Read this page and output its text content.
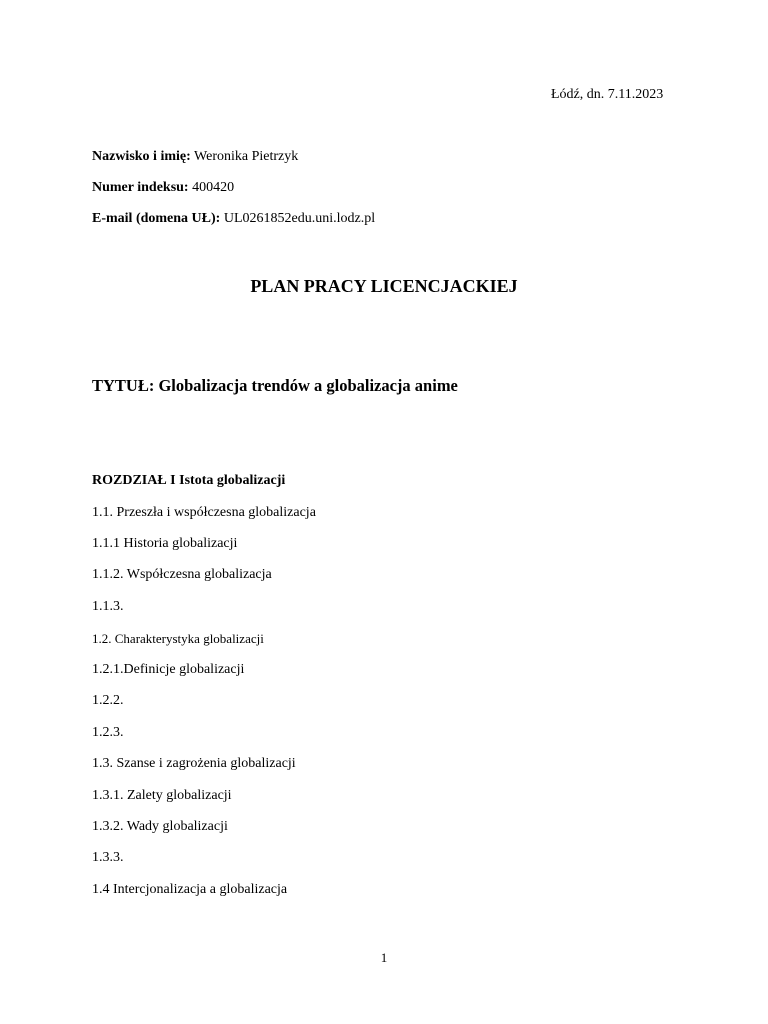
Łódź, dn. 7.11.2023
Nazwisko i imię: Weronika Pietrzyk
Numer indeksu: 400420
E-mail (domena UŁ): UL0261852edu.uni.lodz.pl
PLAN PRACY LICENCJACKIEJ
TYTUŁ: Globalizacja trendów a globalizacja anime
ROZDZIAŁ I Istota globalizacji
1.1. Przeszła i współczesna globalizacja
1.1.1 Historia globalizacji
1.1.2. Współczesna globalizacja
1.1.3.
1.2. Charakterystyka globalizacji
1.2.1.Definicje globalizacji
1.2.2.
1.2.3.
1.3. Szanse i zagrożenia globalizacji
1.3.1. Zalety globalizacji
1.3.2. Wady globalizacji
1.3.3.
1.4 Intercjonalizacja a globalizacja
1
